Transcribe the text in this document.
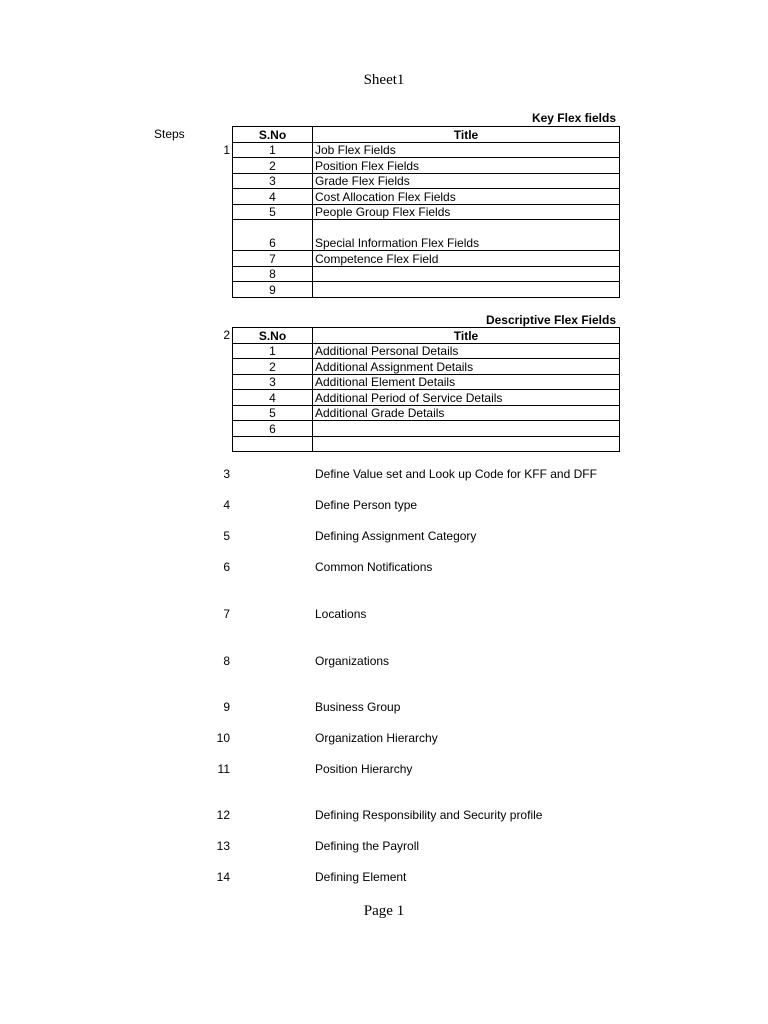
Sheet1
Key Flex fields
Steps
1
S.No	Title
1	Job Flex Fields
2	Position Flex Fields
3	Grade Flex Fields
4	Cost Allocation Flex Fields
5	People Group Flex Fields
6	Special Information Flex Fields
7	Competence Flex Field
8	
9	
Descriptive Flex Fields
2 S.No	Title
1	Additional Personal Details
2	Additional Assignment Details
3	Additional Element Details
4	Additional Period of Service Details
5	Additional Grade Details
6	

3	Define Value set and Look up Code for KFF and DFF
4	Define Person type
5	Defining Assignment Category
6	Common Notifications
7	Locations
8	Organizations
9	Business Group
10	Organization Hierarchy
11	Position Hierarchy
12	Defining Responsibility and Security profile
13	Defining the Payroll
14	Defining Element
Page 1
